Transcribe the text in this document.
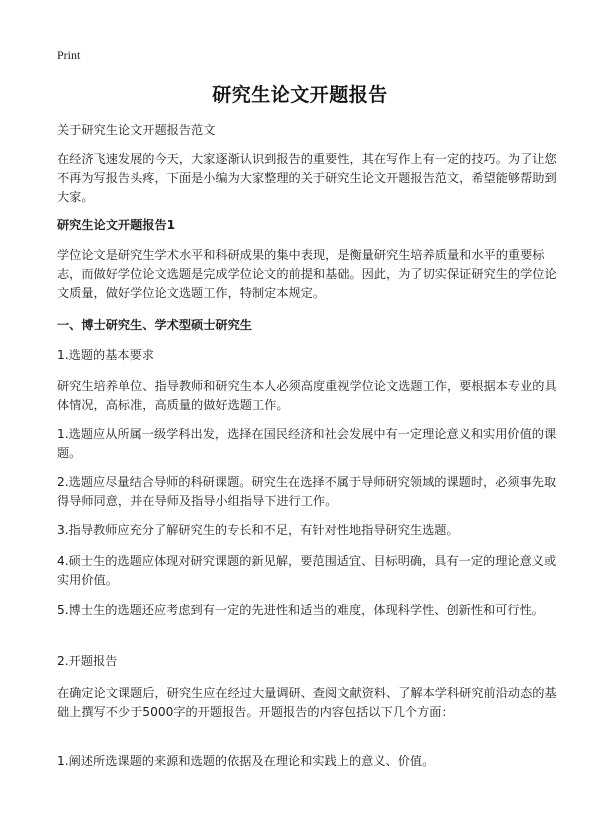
Print
研究生论文开题报告
关于研究生论文开题报告范文
在经济飞速发展的今天，大家逐渐认识到报告的重要性，其在写作上有一定的技巧。为了让您不再为写报告头疼，下面是小编为大家整理的关于研究生论文开题报告范文，希望能够帮助到大家。
研究生论文开题报告1
学位论文是研究生学术水平和科研成果的集中表现，是衡量研究生培养质量和水平的重要标志，而做好学位论文选题是完成学位论文的前提和基础。因此，为了切实保证研究生的学位论文质量，做好学位论文选题工作，特制定本规定。
一、博士研究生、学术型硕士研究生
1.选题的基本要求
研究生培养单位、指导教师和研究生本人必须高度重视学位论文选题工作，要根据本专业的具体情况，高标准，高质量的做好选题工作。
1.选题应从所属一级学科出发，选择在国民经济和社会发展中有一定理论意义和实用价值的课题。
2.选题应尽量结合导师的科研课题。研究生在选择不属于导师研究领域的课题时，必须事先取得导师同意，并在导师及指导小组指导下进行工作。
3.指导教师应充分了解研究生的专长和不足，有针对性地指导研究生选题。
4.硕士生的选题应体现对研究课题的新见解，要范围适宜、目标明确，具有一定的理论意义或实用价值。
5.博士生的选题还应考虑到有一定的先进性和适当的难度，体现科学性、创新性和可行性。
2.开题报告
在确定论文课题后，研究生应在经过大量调研、查阅文献资料、了解本学科研究前沿动态的基础上撰写不少于5000字的开题报告。开题报告的内容包括以下几个方面：
1.阐述所选课题的来源和选题的依据及在理论和实践上的意义、价值。
